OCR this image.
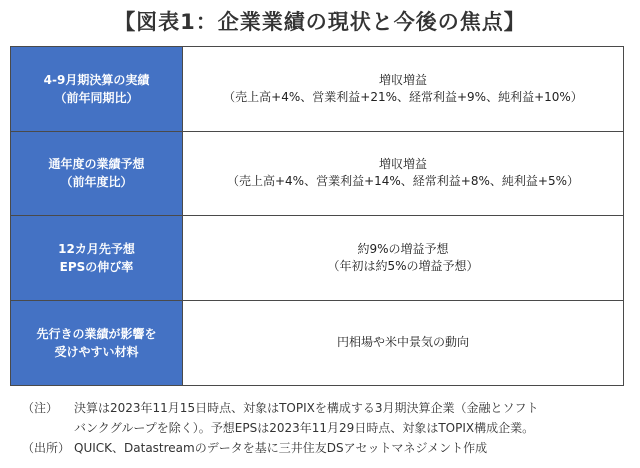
【図表1：企業業績の現状と今後の焦点】
4-9月期決算の実績
（前年同期比）
増収増益
（売上高+4%、営業利益+21%、経常利益+9%、純利益+10%）
通年度の業績予想
（前年度比）
増収増益
（売上高+4%、営業利益+14%、経常利益+8%、純利益+5%）
12カ月先予想
EPSの伸び率
約9%の増益予想
（年初は約5%の増益予想）
先行きの業績が影響を
受けやすい材料
円相場や米中景気の動向
（注）	決算は2023年11月15日時点、対象はTOPIXを構成する3月期決算企業（金融とソフト
バンクグループを除く）。予想EPSは2023年11月29日時点、対象はTOPIX構成企業。
（出所） QUICK、Datastreamのデータを基に三井住友DSアセットマネジメント作成
